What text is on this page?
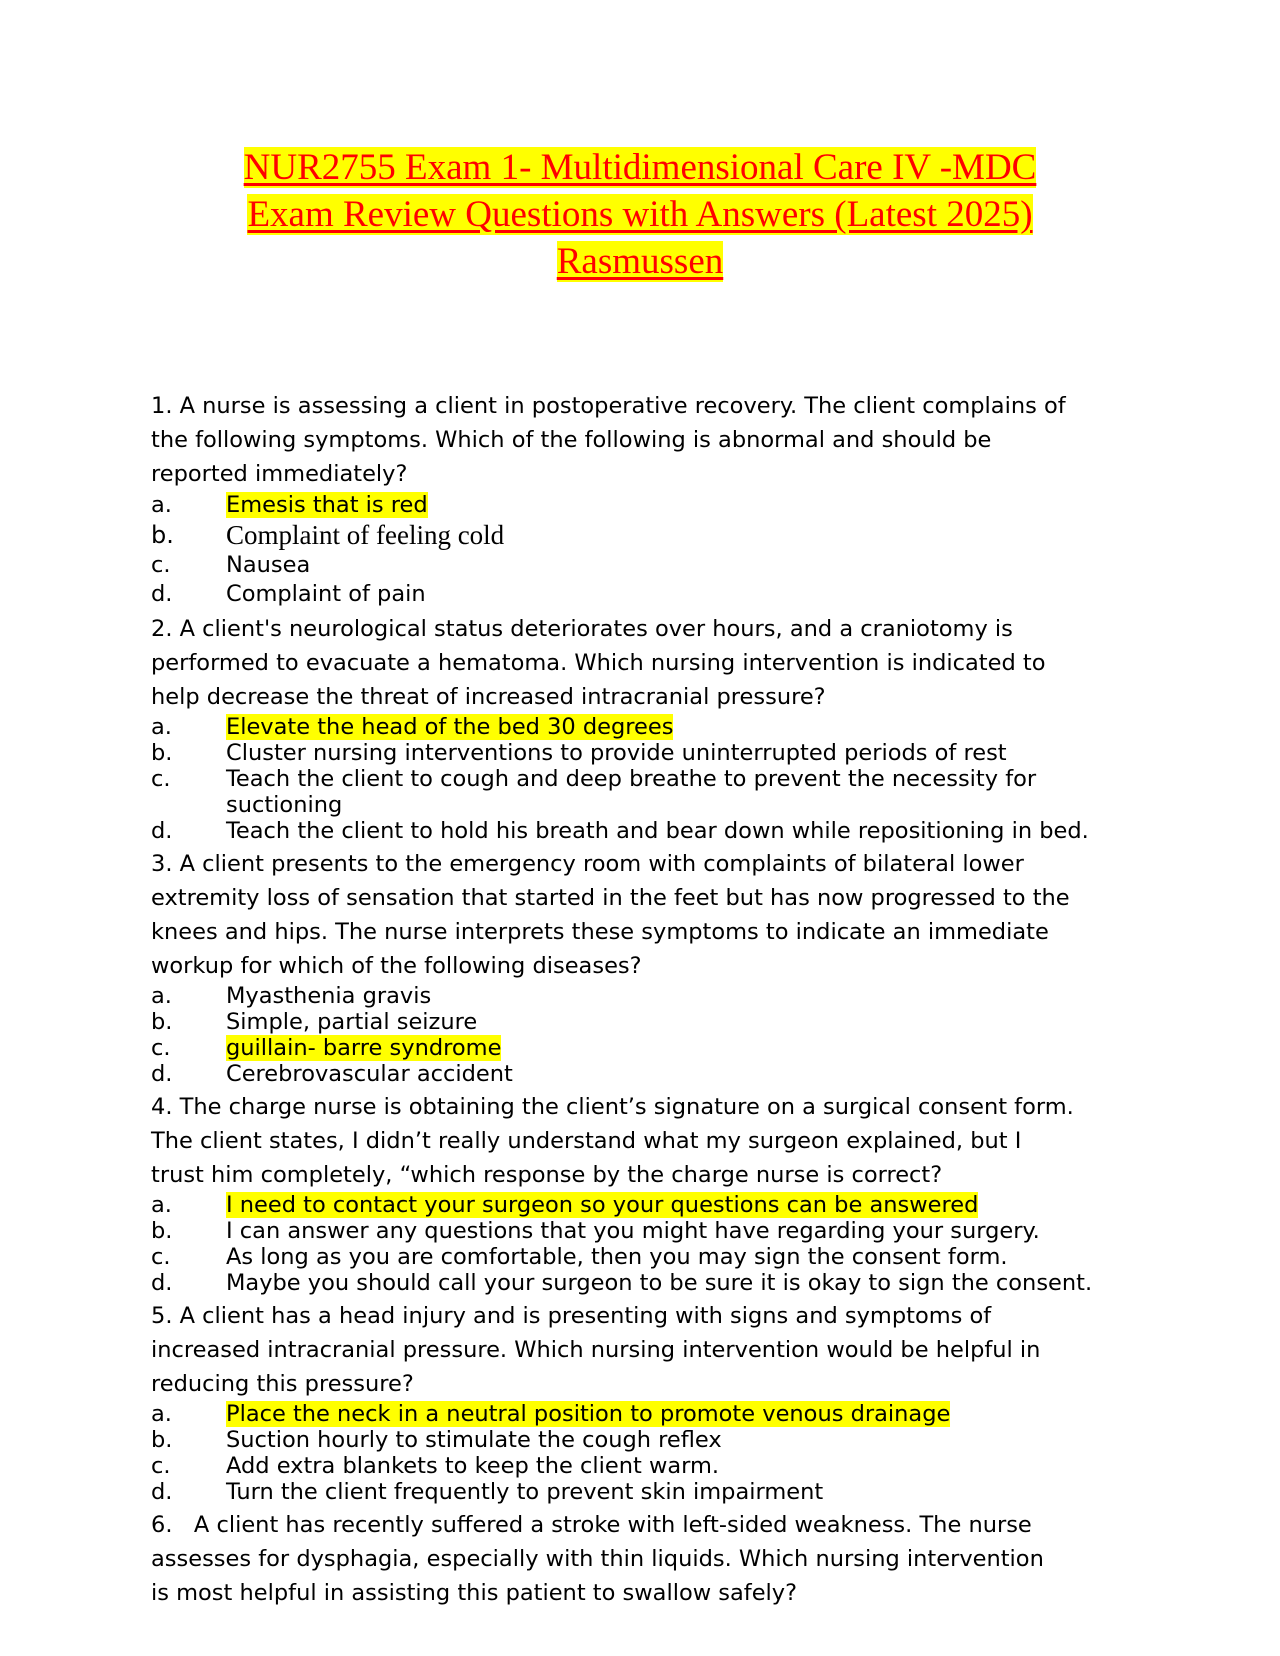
NUR2755 Exam 1- Multidimensional Care IV -MDC
Exam Review Questions with Answers (Latest 2025)
Rasmussen

1. A nurse is assessing a client in postoperative recovery. The client complains of
the following symptoms. Which of the following is abnormal and should be
reported immediately?

a.	Emesis that is red
b.	Complaint of feeling cold
c.	Nausea
d.	Complaint of pain

2. A client's neurological status deteriorates over hours, and a craniotomy is
performed to evacuate a hematoma. Which nursing intervention is indicated to
help decrease the threat of increased intracranial pressure?

a.	Elevate the head of the bed 30 degrees
b.	Cluster nursing interventions to provide uninterrupted periods of rest
c.	Teach the client to cough and deep breathe to prevent the necessity for suctioning
d.	Teach the client to hold his breath and bear down while repositioning in bed.

3. A client presents to the emergency room with complaints of bilateral lower
extremity loss of sensation that started in the feet but has now progressed to the
knees and hips. The nurse interprets these symptoms to indicate an immediate
workup for which of the following diseases?

a.	Myasthenia gravis
b.	Simple, partial seizure
c.	guillain- barre syndrome
d.	Cerebrovascular accident

4. The charge nurse is obtaining the client’s signature on a surgical consent form.
The client states, I didn’t really understand what my surgeon explained, but I
trust him completely, “which response by the charge nurse is correct?

a.	I need to contact your surgeon so your questions can be answered
b.	I can answer any questions that you might have regarding your surgery.
c.	As long as you are comfortable, then you may sign the consent form.
d.	Maybe you should call your surgeon to be sure it is okay to sign the consent.

5. A client has a head injury and is presenting with signs and symptoms of
increased intracranial pressure. Which nursing intervention would be helpful in
reducing this pressure?

a.	Place the neck in a neutral position to promote venous drainage
b.	Suction hourly to stimulate the cough reflex
c.	Add extra blankets to keep the client warm.
d.	Turn the client frequently to prevent skin impairment

6.   A client has recently suffered a stroke with left-sided weakness. The nurse
assesses for dysphagia, especially with thin liquids. Which nursing intervention
is most helpful in assisting this patient to swallow safely?
